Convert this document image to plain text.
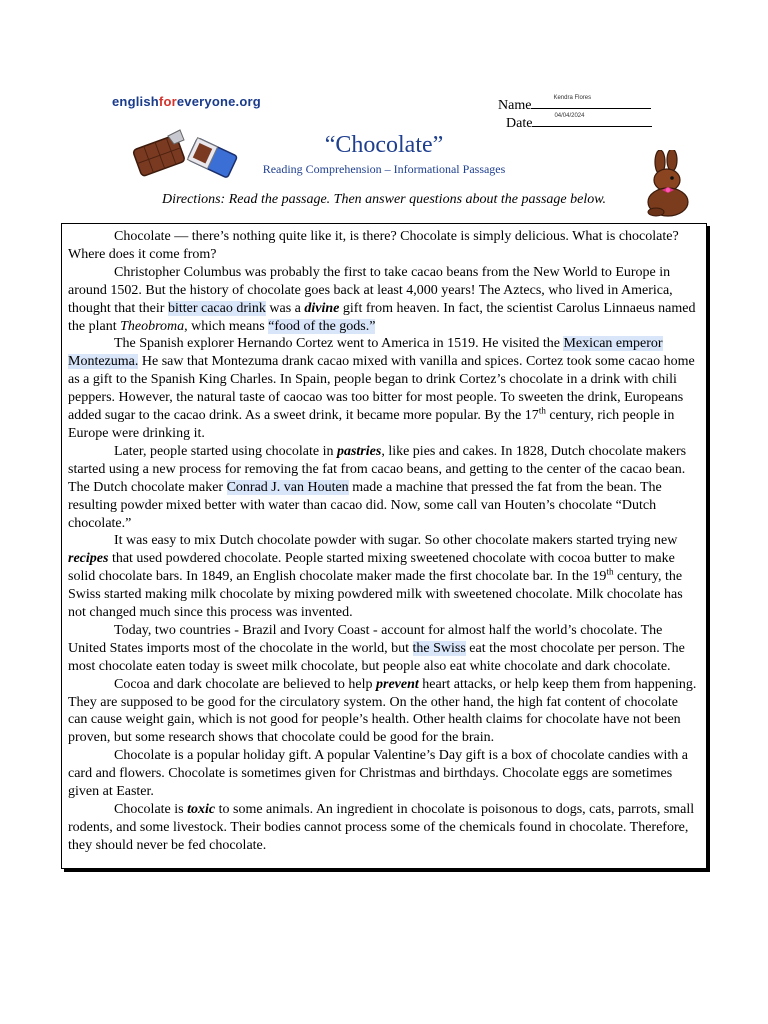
englishforeveryone.org	Name	Kendra Flores
Date	04/04/2024
“Chocolate”
Reading Comprehension – Informational Passages
Directions: Read the passage. Then answer questions about the passage below.

Chocolate — there’s nothing quite like it, is there? Chocolate is simply delicious. What is chocolate? Where does it come from?

Christopher Columbus was probably the first to take cacao beans from the New World to Europe in around 1502. But the history of chocolate goes back at least 4,000 years! The Aztecs, who lived in America, thought that their bitter cacao drink was a divine gift from heaven. In fact, the scientist Carolus Linnaeus named the plant Theobroma, which means “food of the gods.”

The Spanish explorer Hernando Cortez went to America in 1519. He visited the Mexican emperor Montezuma. He saw that Montezuma drank cacao mixed with vanilla and spices. Cortez took some cacao home as a gift to the Spanish King Charles. In Spain, people began to drink Cortez’s chocolate in a drink with chili peppers. However, the natural taste of caocao was too bitter for most people. To sweeten the drink, Europeans added sugar to the cacao drink. As a sweet drink, it became more popular. By the 17th century, rich people in Europe were drinking it.

Later, people started using chocolate in pastries, like pies and cakes. In 1828, Dutch chocolate makers started using a new process for removing the fat from cacao beans, and getting to the center of the cacao bean. The Dutch chocolate maker Conrad J. van Houten made a machine that pressed the fat from the bean. The resulting powder mixed better with water than cacao did. Now, some call van Houten’s chocolate “Dutch chocolate.”

It was easy to mix Dutch chocolate powder with sugar. So other chocolate makers started trying new recipes that used powdered chocolate. People started mixing sweetened chocolate with cocoa butter to make solid chocolate bars. In 1849, an English chocolate maker made the first chocolate bar. In the 19th century, the Swiss started making milk chocolate by mixing powdered milk with sweetened chocolate. Milk chocolate has not changed much since this process was invented.

Today, two countries - Brazil and Ivory Coast - account for almost half the world’s chocolate. The United States imports most of the chocolate in the world, but the Swiss eat the most chocolate per person. The most chocolate eaten today is sweet milk chocolate, but people also eat white chocolate and dark chocolate.

Cocoa and dark chocolate are believed to help prevent heart attacks, or help keep them from happening. They are supposed to be good for the circulatory system. On the other hand, the high fat content of chocolate can cause weight gain, which is not good for people’s health. Other health claims for chocolate have not been proven, but some research shows that chocolate could be good for the brain.

Chocolate is a popular holiday gift. A popular Valentine’s Day gift is a box of chocolate candies with a card and flowers. Chocolate is sometimes given for Christmas and birthdays. Chocolate eggs are sometimes given at Easter.

Chocolate is toxic to some animals. An ingredient in chocolate is poisonous to dogs, cats, parrots, small rodents, and some livestock. Their bodies cannot process some of the chemicals found in chocolate. Therefore, they should never be fed chocolate.
